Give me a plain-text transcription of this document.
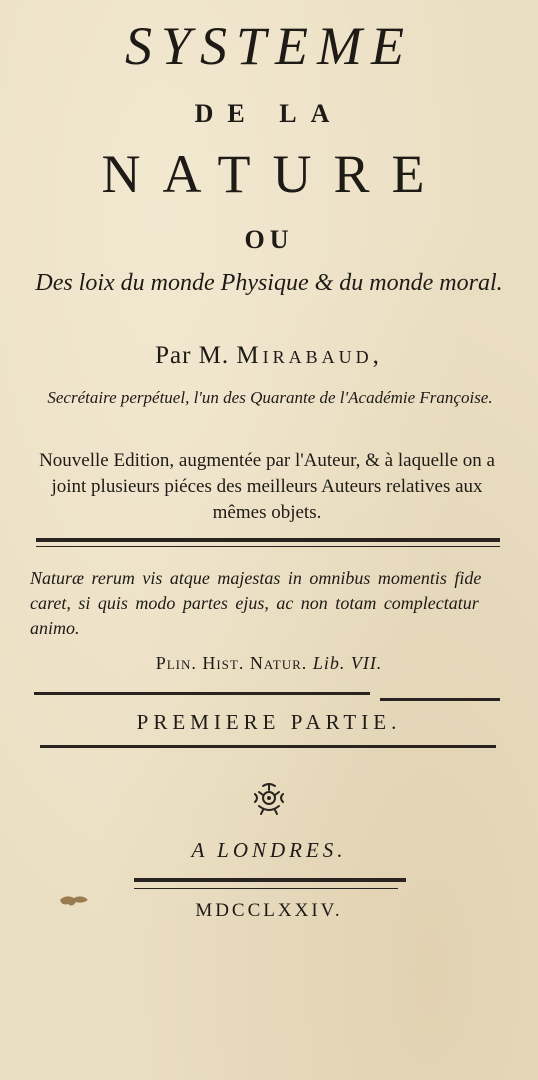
SYSTEME
DE LA
NATURE
OU
Des loix du monde Physique & du monde moral.
Par M. Mirabaud,
Secrétaire perpétuel, l'un des Quarante de l'Académie Françoise.
Nouvelle Edition, augmentée par l'Auteur, & à laquelle on a joint plusieurs piéces des meilleurs Auteurs relatives aux mêmes objets.
Naturæ rerum vis atque majestas in omnibus momentis fide caret, si quis modo partes ejus, ac non totam complectatur animo.
Plin. Hist. Natur. Lib. VII.
PREMIERE PARTIE.
A LONDRES.
MDCCLXXIV.
